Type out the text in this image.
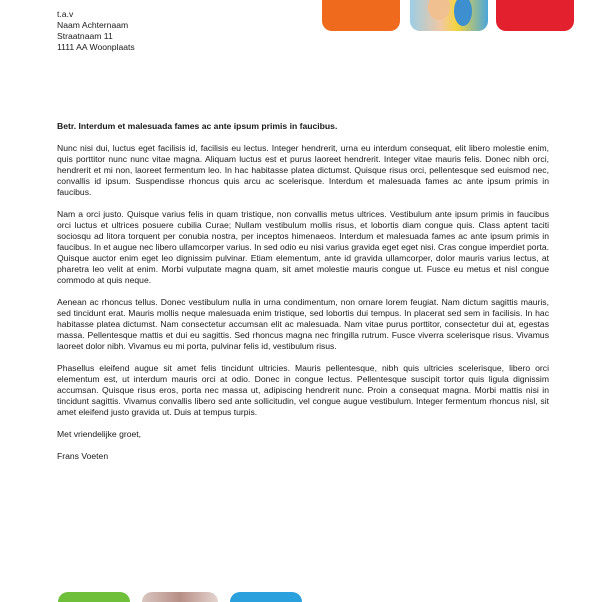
t.a.v
Naam Achternaam
Straatnaam 11
1111 AA Woonplaats

Betr. Interdum et malesuada fames ac ante ipsum primis in faucibus.

Nunc nisi dui, luctus eget facilisis id, facilisis eu lectus. Integer hendrerit, urna eu interdum consequat, elit libero molestie enim, quis porttitor nunc nunc vitae magna. Aliquam luctus est et purus laoreet hendrerit. Integer vitae mauris felis. Donec nibh orci, hendrerit et mi non, laoreet fermentum leo. In hac habitasse platea dictumst. Quisque risus orci, pellentesque sed euismod nec, convallis id ipsum. Suspendisse rhoncus quis arcu ac scelerisque. Interdum et malesuada fames ac ante ipsum primis in faucibus.

Nam a orci justo. Quisque varius felis in quam tristique, non convallis metus ultrices. Vestibulum ante ipsum primis in faucibus orci luctus et ultrices posuere cubilia Curae; Nullam vestibulum mollis risus, et lobortis diam congue quis. Class aptent taciti sociosqu ad litora torquent per conubia nostra, per inceptos himenaeos. Interdum et malesuada fames ac ante ipsum primis in faucibus. In et augue nec libero ullamcorper varius. In sed odio eu nisi varius gravida eget eget nisi. Cras congue imperdiet porta. Quisque auctor enim eget leo dignissim pulvinar. Etiam elementum, ante id gravida ullamcorper, dolor mauris varius lectus, at pharetra leo velit at enim. Morbi vulputate magna quam, sit amet molestie mauris congue ut. Fusce eu metus et nisl congue commodo at quis neque.

Aenean ac rhoncus tellus. Donec vestibulum nulla in urna condimentum, non ornare lorem feugiat. Nam dictum sagittis mauris, sed tincidunt erat. Mauris mollis neque malesuada enim tristique, sed lobortis dui tempus. In placerat sed sem in facilisis. In hac habitasse platea dictumst. Nam consectetur accumsan elit ac malesuada. Nam vitae purus porttitor, consectetur dui at, egestas massa. Pellentesque mattis et dui eu sagittis. Sed rhoncus magna nec fringilla rutrum. Fusce viverra scelerisque risus. Vivamus laoreet dolor nibh. Vivamus eu mi porta, pulvinar felis id, vestibulum risus.

Phasellus eleifend augue sit amet felis tincidunt ultricies. Mauris pellentesque, nibh quis ultricies scelerisque, libero orci elementum est, ut interdum mauris orci at odio. Donec in congue lectus. Pellentesque suscipit tortor quis ligula dignissim accumsan. Quisque risus eros, porta nec massa ut, adipiscing hendrerit nunc. Proin a consequat magna. Morbi mattis nisi in tincidunt sagittis. Vivamus convallis libero sed ante sollicitudin, vel congue augue vestibulum. Integer fermentum rhoncus nisl, sit amet eleifend justo gravida ut. Duis at tempus turpis.

Met vriendelijke groet,

Frans Voeten
